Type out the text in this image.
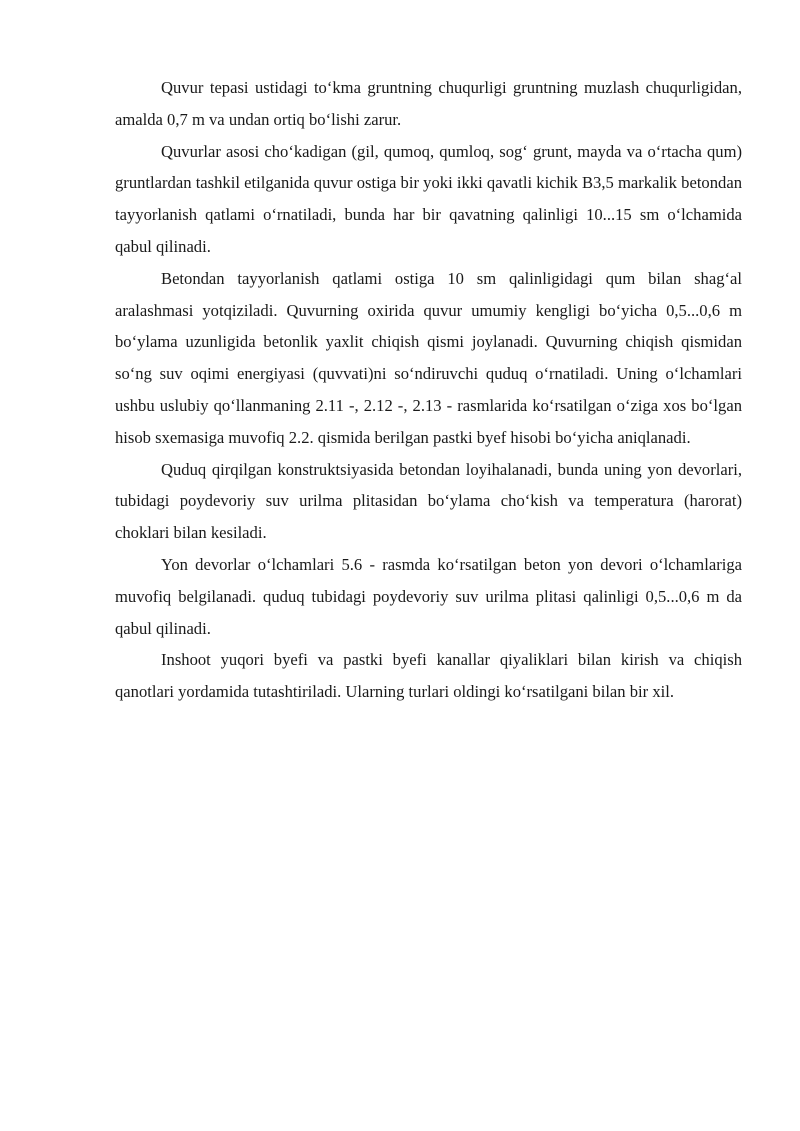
Quvur tepasi ustidagi to‘kma gruntning chuqurligi gruntning muzlash chuqurligidan, amalda 0,7 m va undan ortiq bo‘lishi zarur.

Quvurlar asosi cho‘kadigan (gil, qumoq, qumloq, sog‘ grunt, mayda va o‘rtacha qum) gruntlardan tashkil etilganida quvur ostiga bir yoki ikki qavatli kichik B3,5 markalik betondan tayyorlanish qatlami o‘rnatiladi, bunda har bir qavatning qalinligi 10...15 sm o‘lchamida qabul qilinadi.

Betondan tayyorlanish qatlami ostiga 10 sm qalinligidagi qum bilan shag‘al aralashmasi yotqiziladi. Quvurning oxirida quvur umumiy kengligi bo‘yicha 0,5...0,6 m bo‘ylama uzunligida betonlik yaxlit chiqish qismi joylanadi. Quvurning chiqish qismidan so‘ng suv oqimi energiyasi (quvvati)ni so‘ndiruvchi quduq o‘rnatiladi. Uning o‘lchamlari ushbu uslubiy qo‘llanmaning 2.11 -, 2.12 -, 2.13 - rasmlarida ko‘rsatilgan o‘ziga xos bo‘lgan hisob sxemasiga muvofiq 2.2. qismida berilgan pastki byef hisobi bo‘yicha aniqlanadi.

Quduq qirqilgan konstruktsiyasida betondan loyihalanadi, bunda uning yon devorlari, tubidagi poydevoriy suv urilma plitasidan bo‘ylama cho‘kish va temperatura (harorat) choklari bilan kesiladi.

Yon devorlar o‘lchamlari 5.6 - rasmda ko‘rsatilgan beton yon devori o‘lchamlariga muvofiq belgilanadi. quduq tubidagi poydevoriy suv urilma plitasi qalinligi 0,5...0,6 m da qabul qilinadi.

Inshoot yuqori byefi va pastki byefi kanallar qiyaliklari bilan kirish va chiqish qanotlari yordamida tutashtiriladi. Ularning turlari oldingi ko‘rsatilgani bilan bir xil.
